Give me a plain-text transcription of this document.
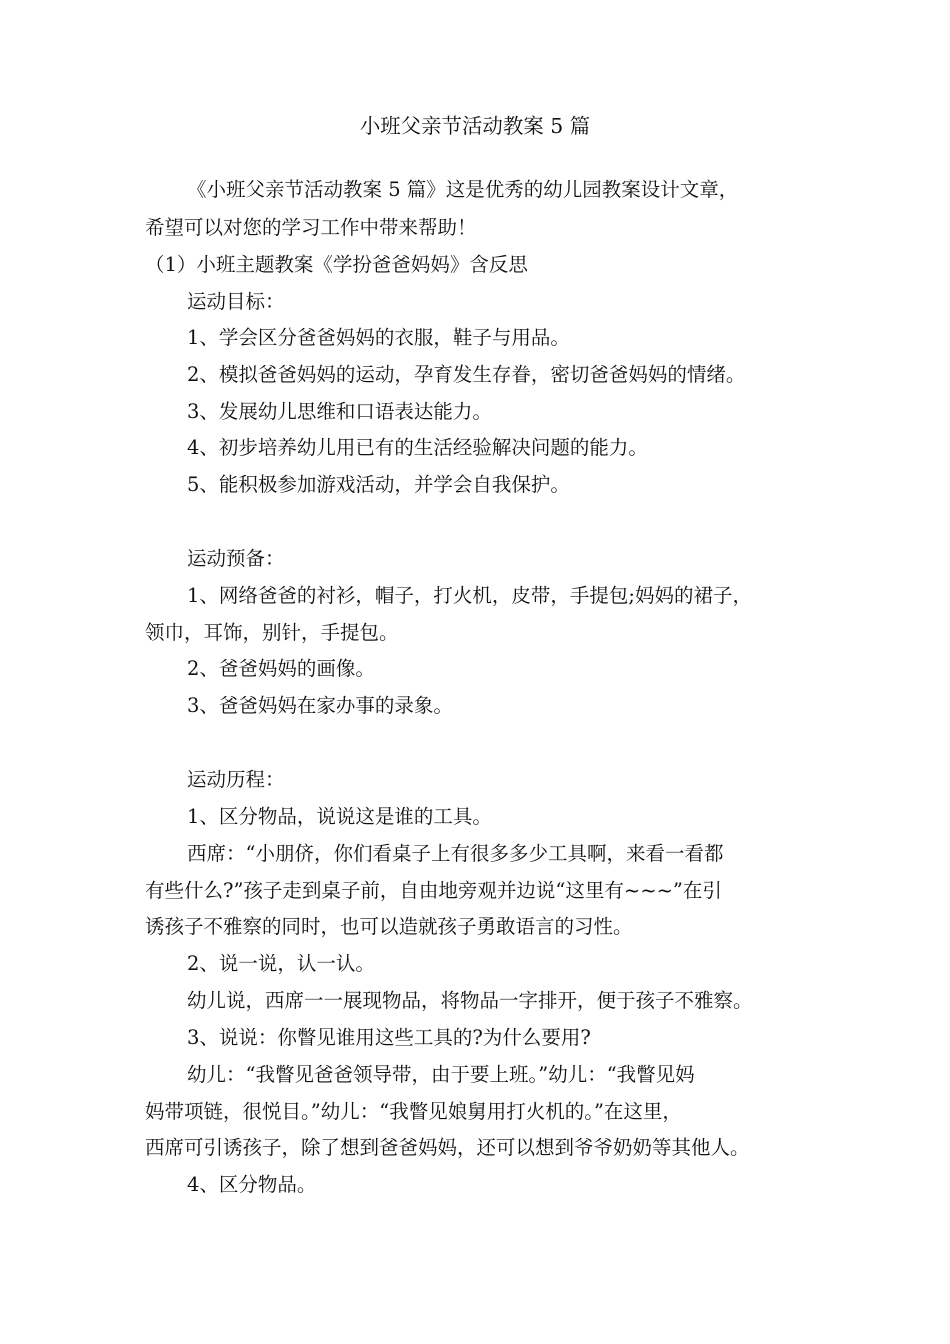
小班父亲节活动教案 5 篇
《小班父亲节活动教案 5 篇》这是优秀的幼儿园教案设计文章，
希望可以对您的学习工作中带来帮助！
（1）小班主题教案《学扮爸爸妈妈》含反思
运动目标：
1、学会区分爸爸妈妈的衣服，鞋子与用品。
2、模拟爸爸妈妈的运动，孕育发生存眷，密切爸爸妈妈的情绪。
3、发展幼儿思维和口语表达能力。
4、初步培养幼儿用已有的生活经验解决问题的能力。
5、能积极参加游戏活动，并学会自我保护。
运动预备：
1、网络爸爸的衬衫，帽子，打火机，皮带，手提包;妈妈的裙子，
领巾，耳饰，别针，手提包。
2、爸爸妈妈的画像。
3、爸爸妈妈在家办事的录象。
运动历程：
1、区分物品，说说这是谁的工具。
西席：“小朋侪，你们看桌子上有很多多少工具啊，来看一看都
有些什么?”孩子走到桌子前，自由地旁观并边说“这里有~~~”在引
诱孩子不雅察的同时，也可以造就孩子勇敢语言的习性。
2、说一说，认一认。
幼儿说，西席一一展现物品，将物品一字排开，便于孩子不雅察。
3、说说：你瞥见谁用这些工具的?为什么要用?
幼儿：“我瞥见爸爸领导带，由于要上班。”幼儿：“我瞥见妈
妈带项链，很悦目。”幼儿：“我瞥见娘舅用打火机的。”在这里，
西席可引诱孩子，除了想到爸爸妈妈，还可以想到爷爷奶奶等其他人。
4、区分物品。
